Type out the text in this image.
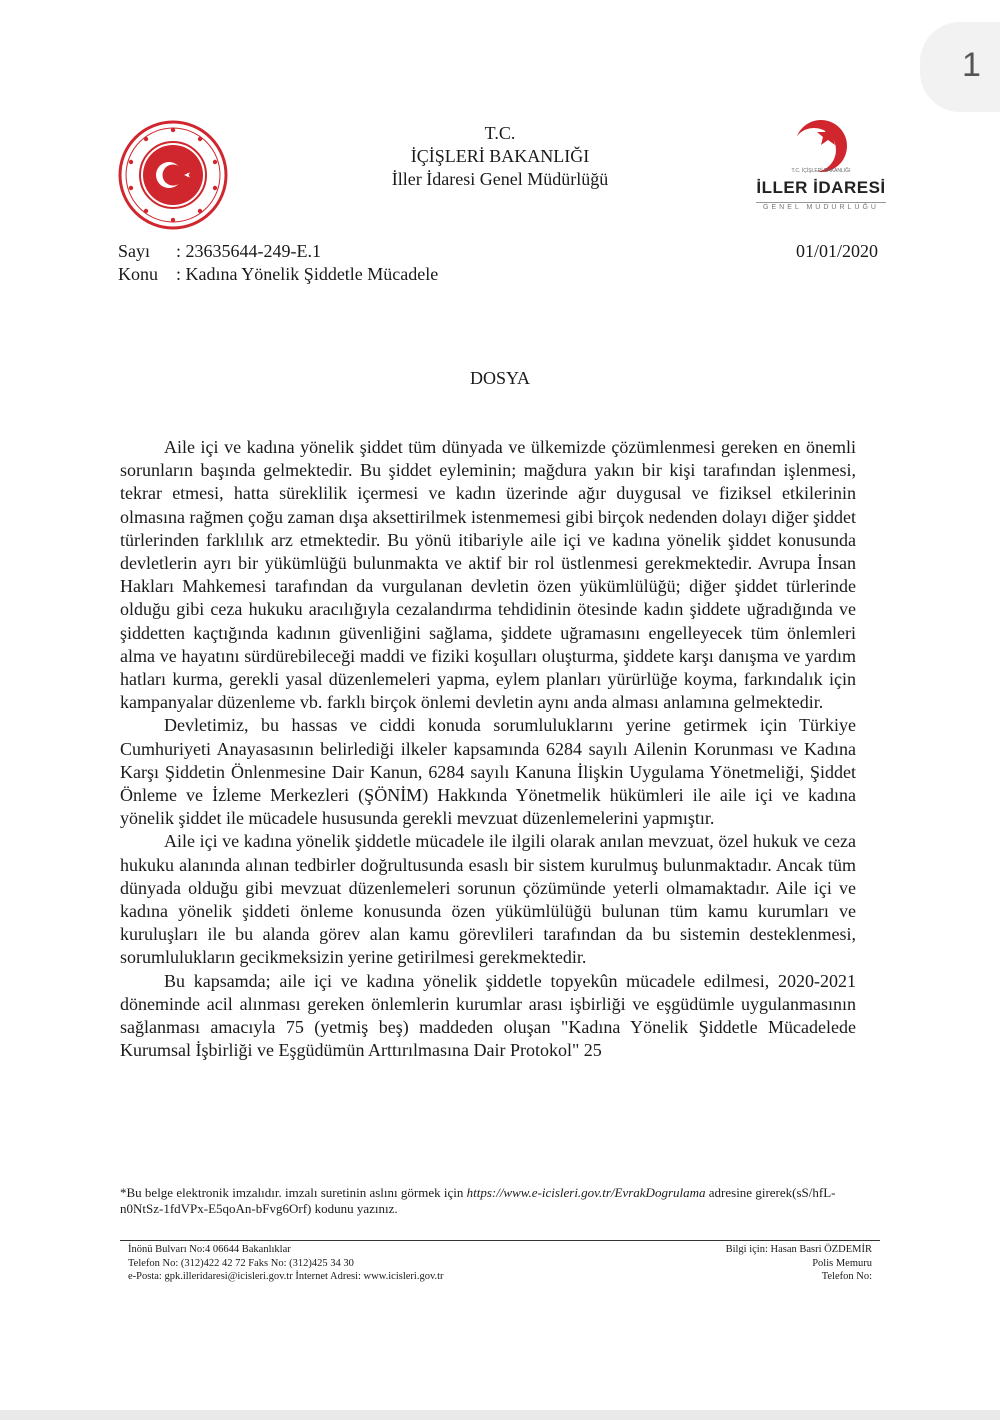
1
T.C. İÇİŞLERİ BAKANLIĞI
İLLER İDARESİ
GENEL MÜDÜRLÜĞÜ
T.C.
İÇİŞLERİ BAKANLIĞI
İller İdaresi Genel Müdürlüğü
Sayı	: 23635644-249-E.1	01/01/2020
Konu	: Kadına Yönelik Şiddetle Mücadele
DOSYA

Aile içi ve kadına yönelik şiddet tüm dünyada ve ülkemizde çözümlenmesi gereken en önemli sorunların başında gelmektedir. Bu şiddet eyleminin; mağdura yakın bir kişi tarafından işlenmesi, tekrar etmesi, hatta süreklilik içermesi ve kadın üzerinde ağır duygusal ve fiziksel etkilerinin olmasına rağmen çoğu zaman dışa aksettirilmek istenmemesi gibi birçok nedenden dolayı diğer şiddet türlerinden farklılık arz etmektedir. Bu yönü itibariyle aile içi ve kadına yönelik şiddet konusunda devletlerin ayrı bir yükümlüğü bulunmakta ve aktif bir rol üstlenmesi gerekmektedir. Avrupa İnsan Hakları Mahkemesi tarafından da vurgulanan devletin özen yükümlülüğü; diğer şiddet türlerinde olduğu gibi ceza hukuku aracılığıyla cezalandırma tehdidinin ötesinde kadın şiddete uğradığında ve şiddetten kaçtığında kadının güvenliğini sağlama, şiddete uğramasını engelleyecek tüm önlemleri alma ve hayatını sürdürebileceği maddi ve fiziki koşulları oluşturma, şiddete karşı danışma ve yardım hatları kurma, gerekli yasal düzenlemeleri yapma, eylem planları yürürlüğe koyma, farkındalık için kampanyalar düzenleme vb. farklı birçok önlemi devletin aynı anda alması anlamına gelmektedir.

Devletimiz, bu hassas ve ciddi konuda sorumluluklarını yerine getirmek için Türkiye Cumhuriyeti Anayasasının belirlediği ilkeler kapsamında 6284 sayılı Ailenin Korunması ve Kadına Karşı Şiddetin Önlenmesine Dair Kanun, 6284 sayılı Kanuna İlişkin Uygulama Yönetmeliği, Şiddet Önleme ve İzleme Merkezleri (ŞÖNİM) Hakkında Yönetmelik hükümleri ile aile içi ve kadına yönelik şiddet ile mücadele hususunda gerekli mevzuat düzenlemelerini yapmıştır.

Aile içi ve kadına yönelik şiddetle mücadele ile ilgili olarak anılan mevzuat, özel hukuk ve ceza hukuku alanında alınan tedbirler doğrultusunda esaslı bir sistem kurulmuş bulunmaktadır. Ancak tüm dünyada olduğu gibi mevzuat düzenlemeleri sorunun çözümünde yeterli olmamaktadır. Aile içi ve kadına yönelik şiddeti önleme konusunda özen yükümlülüğü bulunan tüm kamu kurumları ve kuruluşları ile bu alanda görev alan kamu görevlileri tarafından da bu sistemin desteklenmesi, sorumlulukların gecikmeksizin yerine getirilmesi gerekmektedir.

Bu kapsamda; aile içi ve kadına yönelik şiddetle topyekûn mücadele edilmesi, 2020-2021 döneminde acil alınması gereken önlemlerin kurumlar arası işbirliği ve eşgüdümle uygulanmasının sağlanması amacıyla 75 (yetmiş beş) maddeden oluşan "Kadına Yönelik Şiddetle Mücadelede Kurumsal İşbirliği ve Eşgüdümün Arttırılmasına Dair Protokol" 25

*Bu belge elektronik imzalıdır. imzalı suretinin aslını görmek için https://www.e-icisleri.gov.tr/EvrakDogrulama adresine girerek(sS/hfL-n0NtSz-1fdVPx-E5qoAn-bFvg6Orf) kodunu yazınız.
İnönü Bulvarı No:4 06644 Bakanlıklar
Telefon No: (312)422 42 72 Faks No: (312)425 34 30
e-Posta: gpk.illeridaresi@icisleri.gov.tr İnternet Adresi: www.icisleri.gov.tr
Bilgi için: Hasan Basri ÖZDEMİR
Polis Memuru
Telefon No:
